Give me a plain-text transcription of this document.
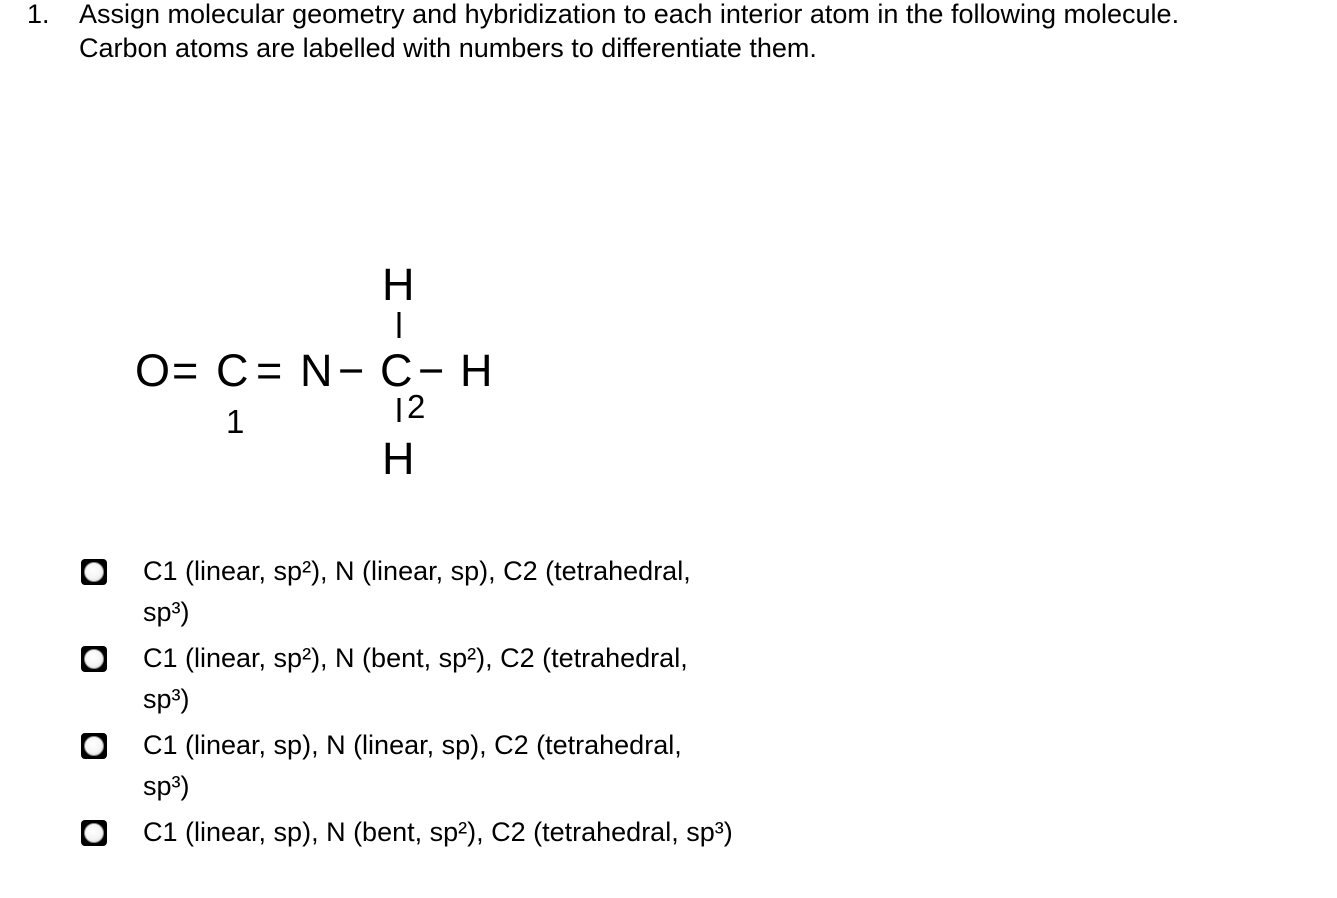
1. Assign molecular geometry and hybridization to each interior atom in the following molecule.
Carbon atoms are labelled with numbers to differentiate them.
O = C = N − C − H
H
H
1	2
C1 (linear, sp²), N (linear, sp), C2 (tetrahedral,
sp³)
C1 (linear, sp²), N (bent, sp²), C2 (tetrahedral,
sp³)
C1 (linear, sp), N (linear, sp), C2 (tetrahedral,
sp³)
C1 (linear, sp), N (bent, sp²), C2 (tetrahedral, sp³)
